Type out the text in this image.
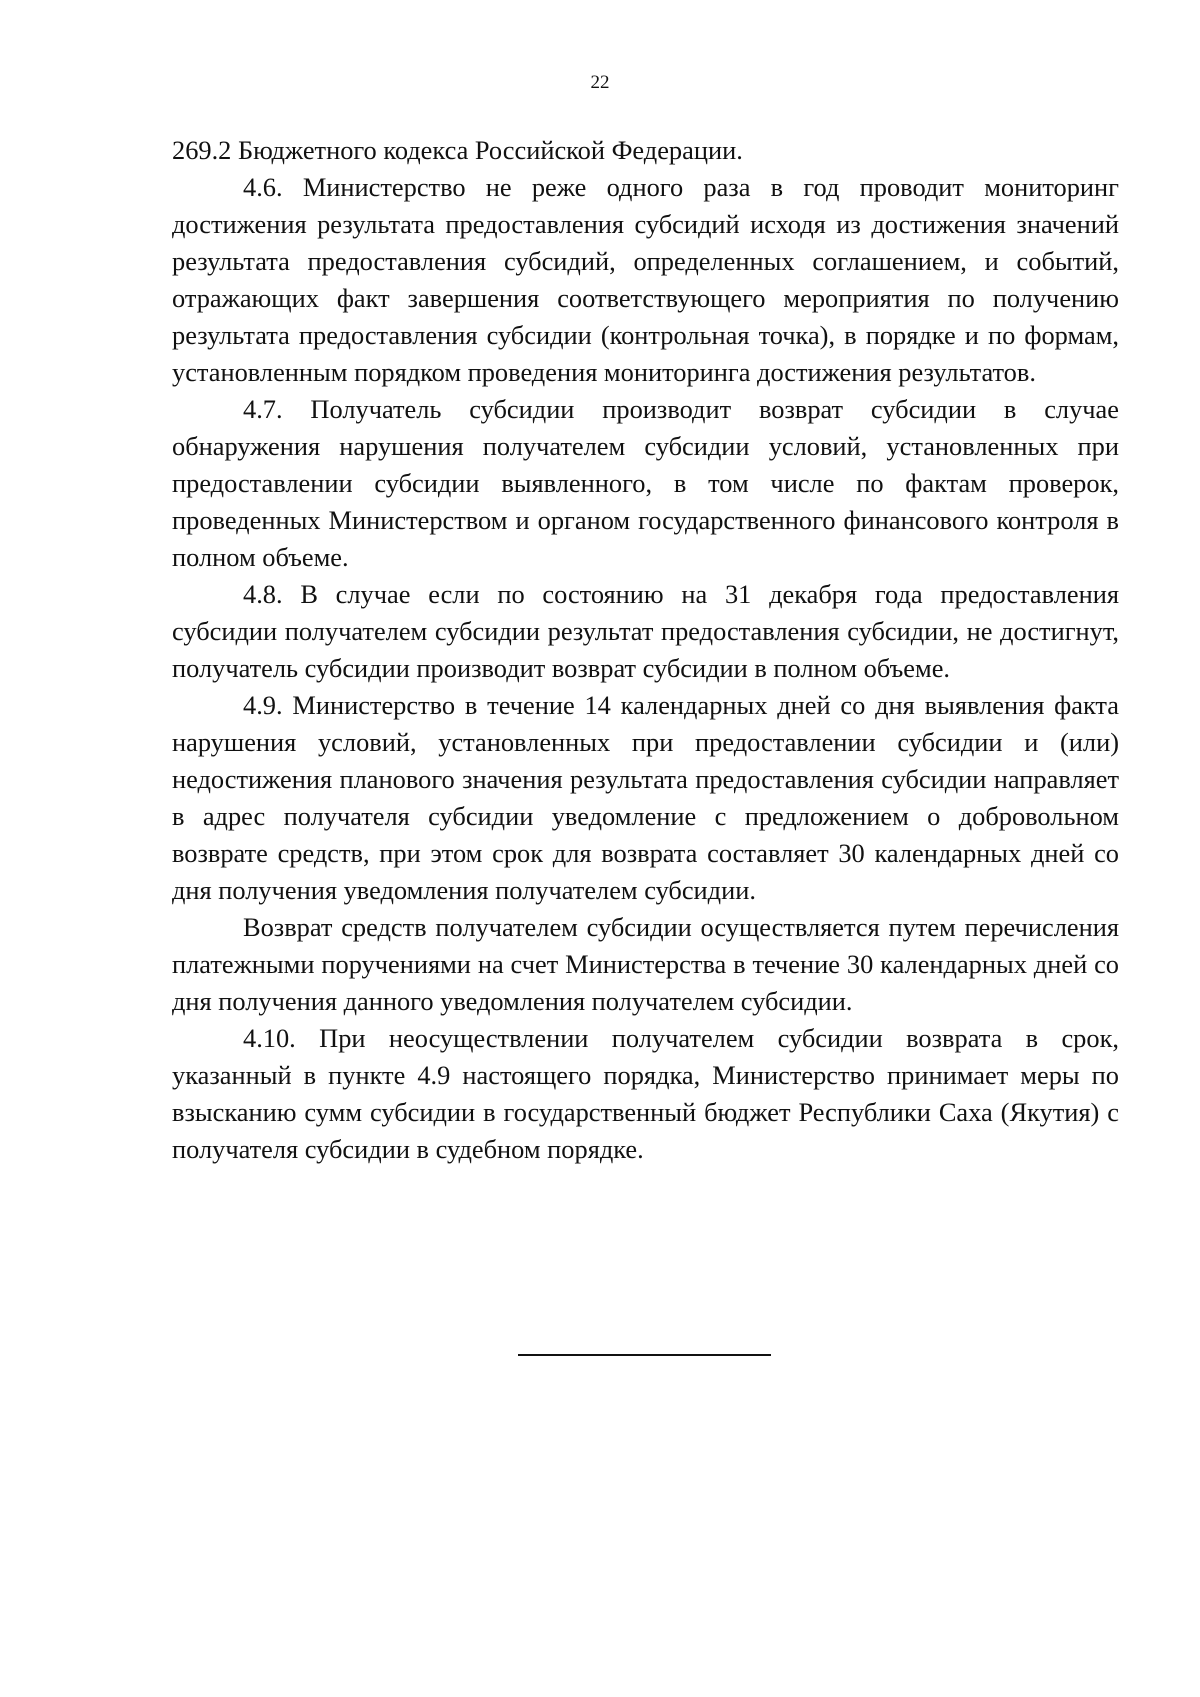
22

269.2 Бюджетного кодекса Российской Федерации.

4.6. Министерство не реже одного раза в год проводит мониторинг достижения результата предоставления субсидий исходя из достижения значений результата предоставления субсидий, определенных соглашением, и событий, отражающих факт завершения соответствующего мероприятия по получению результата предоставления субсидии (контрольная точка), в порядке и по формам, установленным порядком проведения мониторинга достижения результатов.

4.7. Получатель субсидии производит возврат субсидии в случае обнаружения нарушения получателем субсидии условий, установленных при предоставлении субсидии выявленного, в том числе по фактам проверок, проведенных Министерством и органом государственного финансового контроля в полном объеме.

4.8. В случае если по состоянию на 31 декабря года предоставления субсидии получателем субсидии результат предоставления субсидии, не достигнут, получатель субсидии производит возврат субсидии в полном объеме.

4.9. Министерство в течение 14 календарных дней со дня выявления факта нарушения условий, установленных при предоставлении субсидии и (или) недостижения планового значения результата предоставления субсидии направляет в адрес получателя субсидии уведомление с предложением о добровольном возврате средств, при этом срок для возврата составляет 30 календарных дней со дня получения уведомления получателем субсидии.

Возврат средств получателем субсидии осуществляется путем перечисления платежными поручениями на счет Министерства в течение 30 календарных дней со дня получения данного уведомления получателем субсидии.

4.10. При неосуществлении получателем субсидии возврата в срок, указанный в пункте 4.9 настоящего порядка, Министерство принимает меры по взысканию сумм субсидии в государственный бюджет Республики Саха (Якутия) с получателя субсидии в судебном порядке.
